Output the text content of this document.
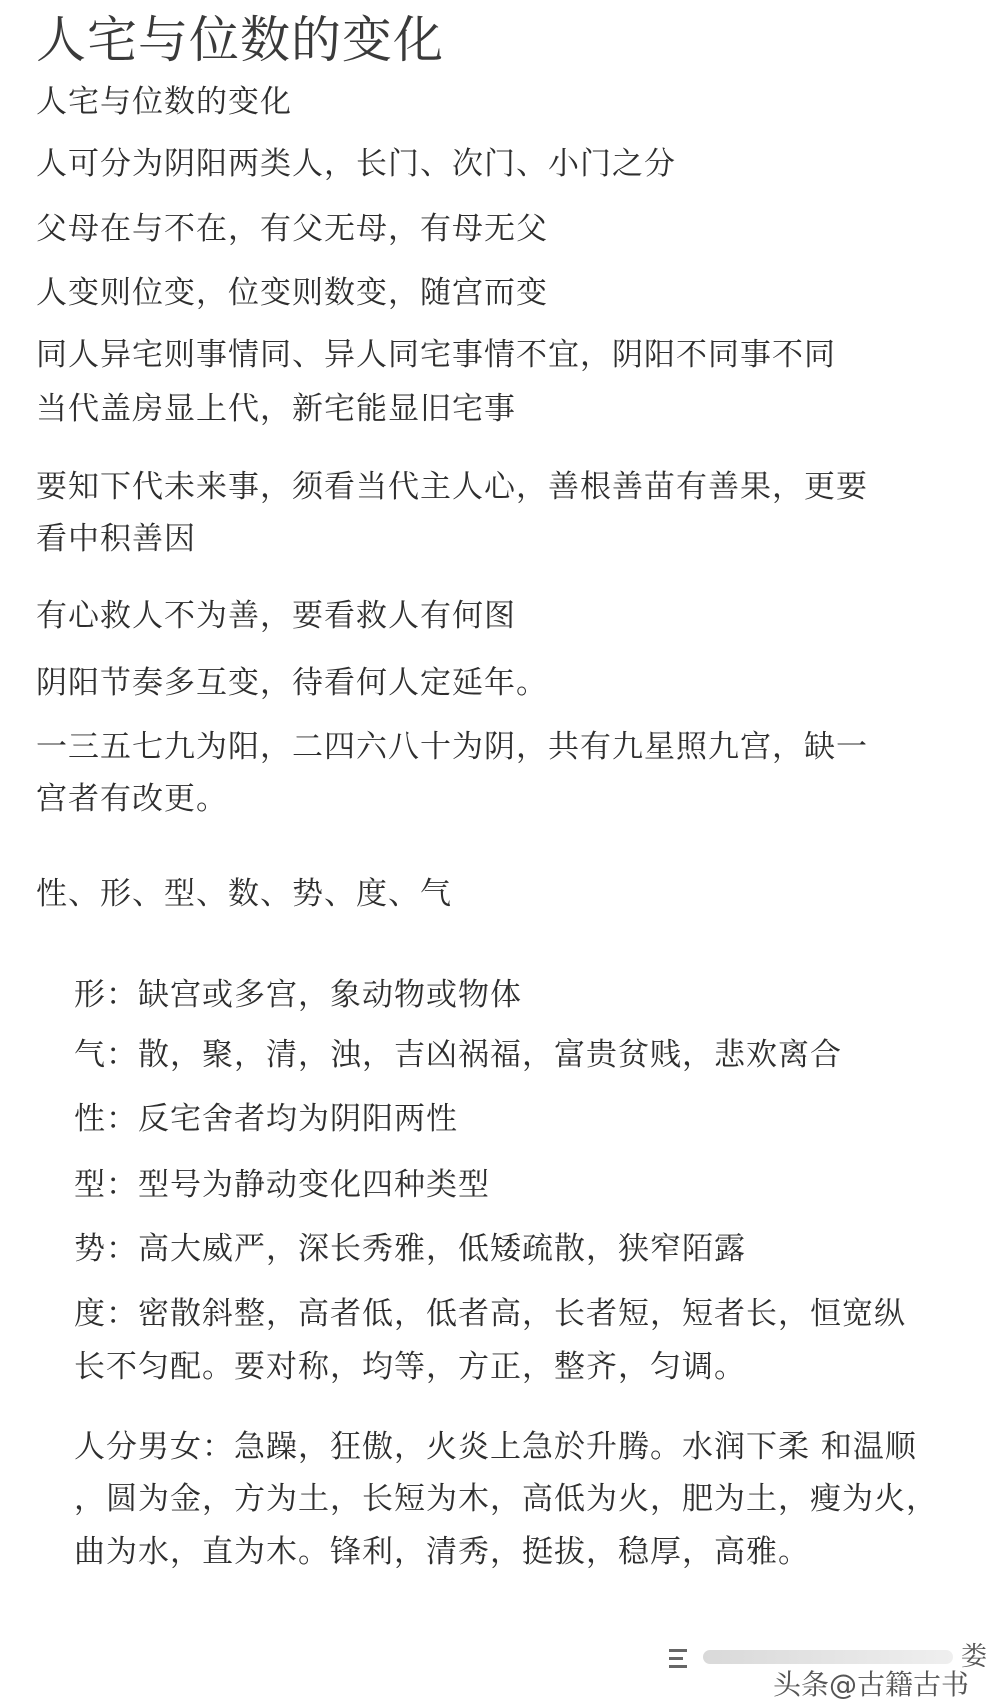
人宅与位数的变化
人宅与位数的变化
人可分为阴阳两类人，长门、次门、小门之分
父母在与不在，有父无母，有母无父
人变则位变，位变则数变，随宫而变
同人异宅则事情同、异人同宅事情不宜，阴阳不同事不同
当代盖房显上代，新宅能显旧宅事
要知下代未来事，须看当代主人心，善根善苗有善果，更要
看中积善因
有心救人不为善，要看救人有何图
阴阳节奏多互变，待看何人定延年。
一三五七九为阳，二四六八十为阴，共有九星照九宫，缺一
宫者有改更。
性、形、型、数、势、度、气
形：缺宫或多宫，象动物或物体
气：散，聚，清，浊，吉凶祸福，富贵贫贱，悲欢离合
性：反宅舍者均为阴阳两性
型：型号为静动变化四种类型
势：高大威严，深长秀雅，低矮疏散，狭窄陌露
度：密散斜整，高者低，低者高，长者短，短者长，恒宽纵
长不匀配。要对称，均等，方正，整齐，匀调。
人分男女：急躁，狂傲，火炎上急於升腾。水润下柔 和温顺
，圆为金，方为土，长短为木，高低为火，肥为土，瘦为火，
曲为水，直为木。锋利，清秀，挺拔，稳厚，高雅。
头条@古籍古书
娄
